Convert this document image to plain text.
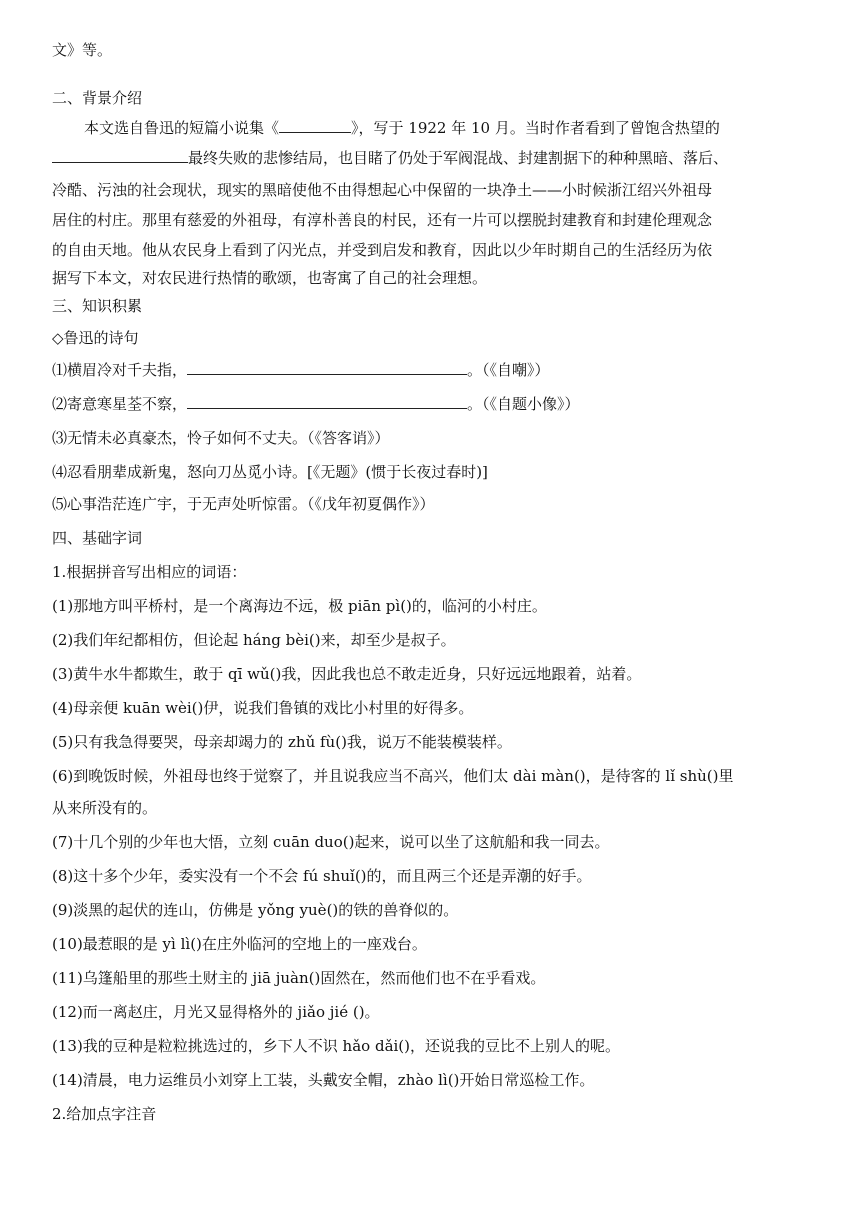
文》等。
二、背景介绍
本文选自鲁迅的短篇小说集《	》，写于 1922 年 10 月。当时作者看到了曾饱含热望的
最终失败的悲惨结局，也目睹了仍处于军阀混战、封建割据下的种种黑暗、落后、
冷酷、污浊的社会现状，现实的黑暗使他不由得想起心中保留的一块净土——小时候浙江绍兴外祖母
居住的村庄。那里有慈爱的外祖母，有淳朴善良的村民，还有一片可以摆脱封建教育和封建伦理观念
的自由天地。他从农民身上看到了闪光点，并受到启发和教育，因此以少年时期自己的生活经历为依
据写下本文，对农民进行热情的歌颂，也寄寓了自己的社会理想。
三、知识积累
◇鲁迅的诗句
⑴横眉冷对千夫指，	。（《自嘲》）
⑵寄意寒星荃不察，	。（《自题小像》）
⑶无情未必真豪杰，怜子如何不丈夫。（《答客诮》）
⑷忍看朋辈成新鬼，怒向刀丛觅小诗。[《无题》(惯于长夜过春时)]
⑸心事浩茫连广宇，于无声处听惊雷。（《戊年初夏偶作》）
四、基础字词
1.根据拼音写出相应的词语：
(1)那地方叫平桥村，是一个离海边不远，极 piān pì()的，临河的小村庄。
(2)我们年纪都相仿，但论起 háng bèi()来，却至少是叔子。
(3)黄牛水牛都欺生，敢于 qī wǔ()我，因此我也总不敢走近身，只好远远地跟着，站着。
(4)母亲便 kuān wèi()伊，说我们鲁镇的戏比小村里的好得多。
(5)只有我急得要哭，母亲却竭力的 zhǔ fù()我，说万不能装模装样。
(6)到晚饭时候，外祖母也终于觉察了，并且说我应当不高兴，他们太 dài màn()，是待客的 lǐ shù()里
从来所没有的。
(7)十几个别的少年也大悟，立刻 cuān duo()起来，说可以坐了这航船和我一同去。
(8)这十多个少年，委实没有一个不会 fú shuǐ()的，而且两三个还是弄潮的好手。
(9)淡黑的起伏的连山，仿佛是 yǒng yuè()的铁的兽脊似的。
(10)最惹眼的是 yì lì()在庄外临河的空地上的一座戏台。
(11)乌篷船里的那些土财主的 jiā juàn()固然在，然而他们也不在乎看戏。
(12)而一离赵庄，月光又显得格外的 jiǎo jié ()。
(13)我的豆种是粒粒挑选过的，乡下人不识 hǎo dǎi()，还说我的豆比不上别人的呢。
(14)清晨，电力运维员小刘穿上工装，头戴安全帽，zhào lì()开始日常巡检工作。
2.给加点字注音
